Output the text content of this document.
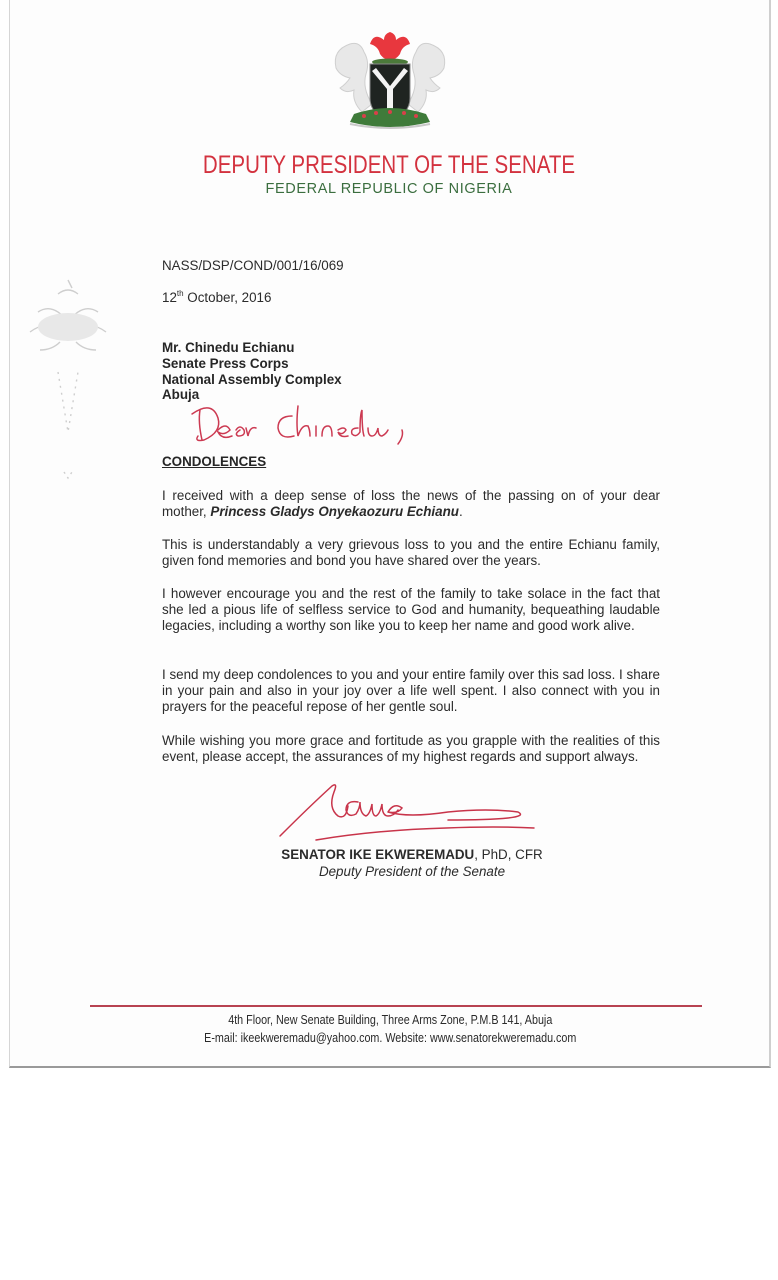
DEPUTY PRESIDENT OF THE SENATE
FEDERAL REPUBLIC OF NIGERIA
NASS/DSP/COND/001/16/069
12th October, 2016
Mr. Chinedu Echianu
Senate Press Corps
National Assembly Complex
Abuja
CONDOLENCES
I received with a deep sense of loss the news of the passing on of your dear mother, Princess Gladys Onyekaozuru Echianu.
This is understandably a very grievous loss to you and the entire Echianu family, given fond memories and bond you have shared over the years.
I however encourage you and the rest of the family to take solace in the fact that she led a pious life of selfless service to God and humanity, bequeathing laudable legacies, including a worthy son like you to keep her name and good work alive.
I send my deep condolences to you and your entire family over this sad loss. I share in your pain and also in your joy over a life well spent. I also connect with you in prayers for the peaceful repose of her gentle soul.
While wishing you more grace and fortitude as you grapple with the realities of this event, please accept, the assurances of my highest regards and support always.
SENATOR IKE EKWEREMADU, PhD, CFR
Deputy President of the Senate
4th Floor, New Senate Building, Three Arms Zone, P.M.B 141, Abuja
E-mail: ikeekweremadu@yahoo.com. Website: www.senatorekweremadu.com
